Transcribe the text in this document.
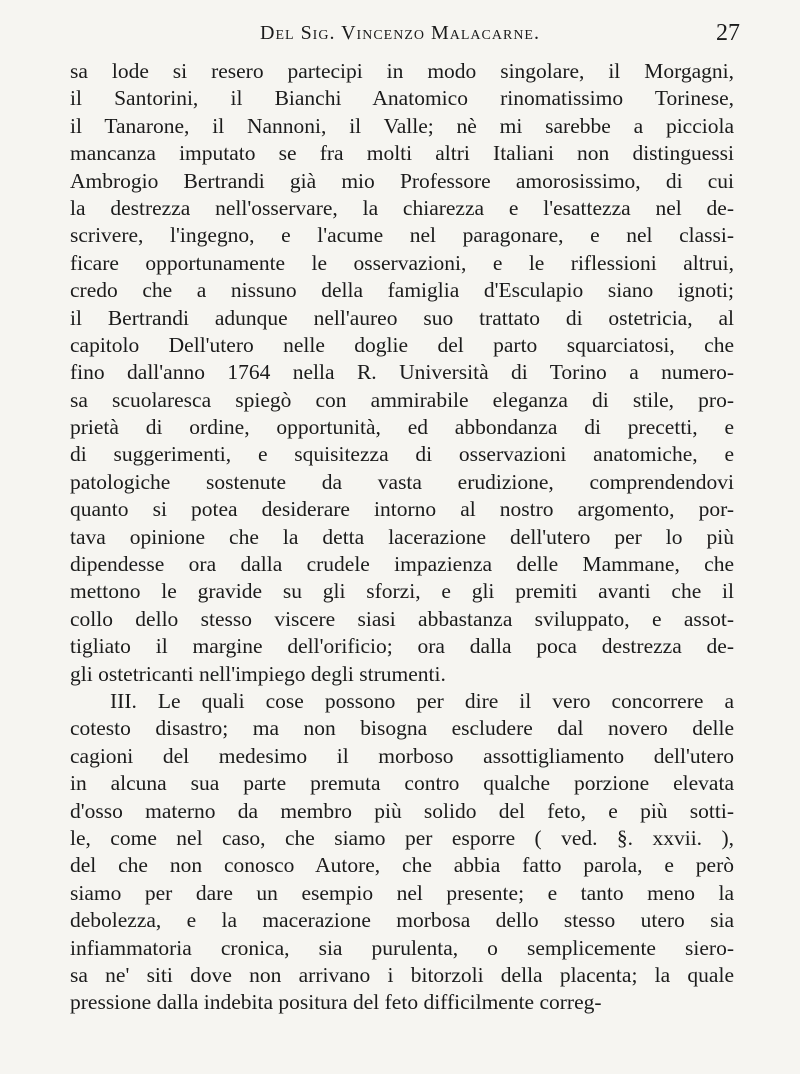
Del Sig. Vincenzo Malacarne.	27
sa lode si resero partecipi in modo singolare, il Morgagni,
il Santorini, il Bianchi Anatomico rinomatissimo Torinese,
il Tanarone, il Nannoni, il Valle; nè mi sarebbe a picciola
mancanza imputato se fra molti altri Italiani non distinguessi
Ambrogio Bertrandi già mio Professore amorosissimo, di cui
la destrezza nell'osservare, la chiarezza e l'esattezza nel de-
scrivere, l'ingegno, e l'acume nel paragonare, e nel classi-
ficare opportunamente le osservazioni, e le riflessioni altrui,
credo che a nissuno della famiglia d'Esculapio siano ignoti;
il Bertrandi adunque nell'aureo suo trattato di ostetricia, al
capitolo Dell'utero nelle doglie del parto squarciatosi, che
fino dall'anno 1764 nella R. Università di Torino a numero-
sa scuolaresca spiegò con ammirabile eleganza di stile, pro-
prietà di ordine, opportunità, ed abbondanza di precetti, e
di suggerimenti, e squisitezza di osservazioni anatomiche, e
patologiche sostenute da vasta erudizione, comprendendovi
quanto si potea desiderare intorno al nostro argomento, por-
tava opinione che la detta lacerazione dell'utero per lo più
dipendesse ora dalla crudele impazienza delle Mammane, che
mettono le gravide su gli sforzi, e gli premiti avanti che il
collo dello stesso viscere siasi abbastanza sviluppato, e assot-
tigliato il margine dell'orificio; ora dalla poca destrezza de-
gli ostetricanti nell'impiego degli strumenti.
III. Le quali cose possono per dire il vero concorrere a
cotesto disastro; ma non bisogna escludere dal novero delle
cagioni del medesimo il morboso assottigliamento dell'utero
in alcuna sua parte premuta contro qualche porzione elevata
d'osso materno da membro più solido del feto, e più sotti-
le, come nel caso, che siamo per esporre ( ved. §. xxvii. ),
del che non conosco Autore, che abbia fatto parola, e però
siamo per dare un esempio nel presente; e tanto meno la
debolezza, e la macerazione morbosa dello stesso utero sia
infiammatoria cronica, sia purulenta, o semplicemente siero-
sa ne' siti dove non arrivano i bitorzoli della placenta; la quale
pressione dalla indebita positura del feto difficilmente correg-
